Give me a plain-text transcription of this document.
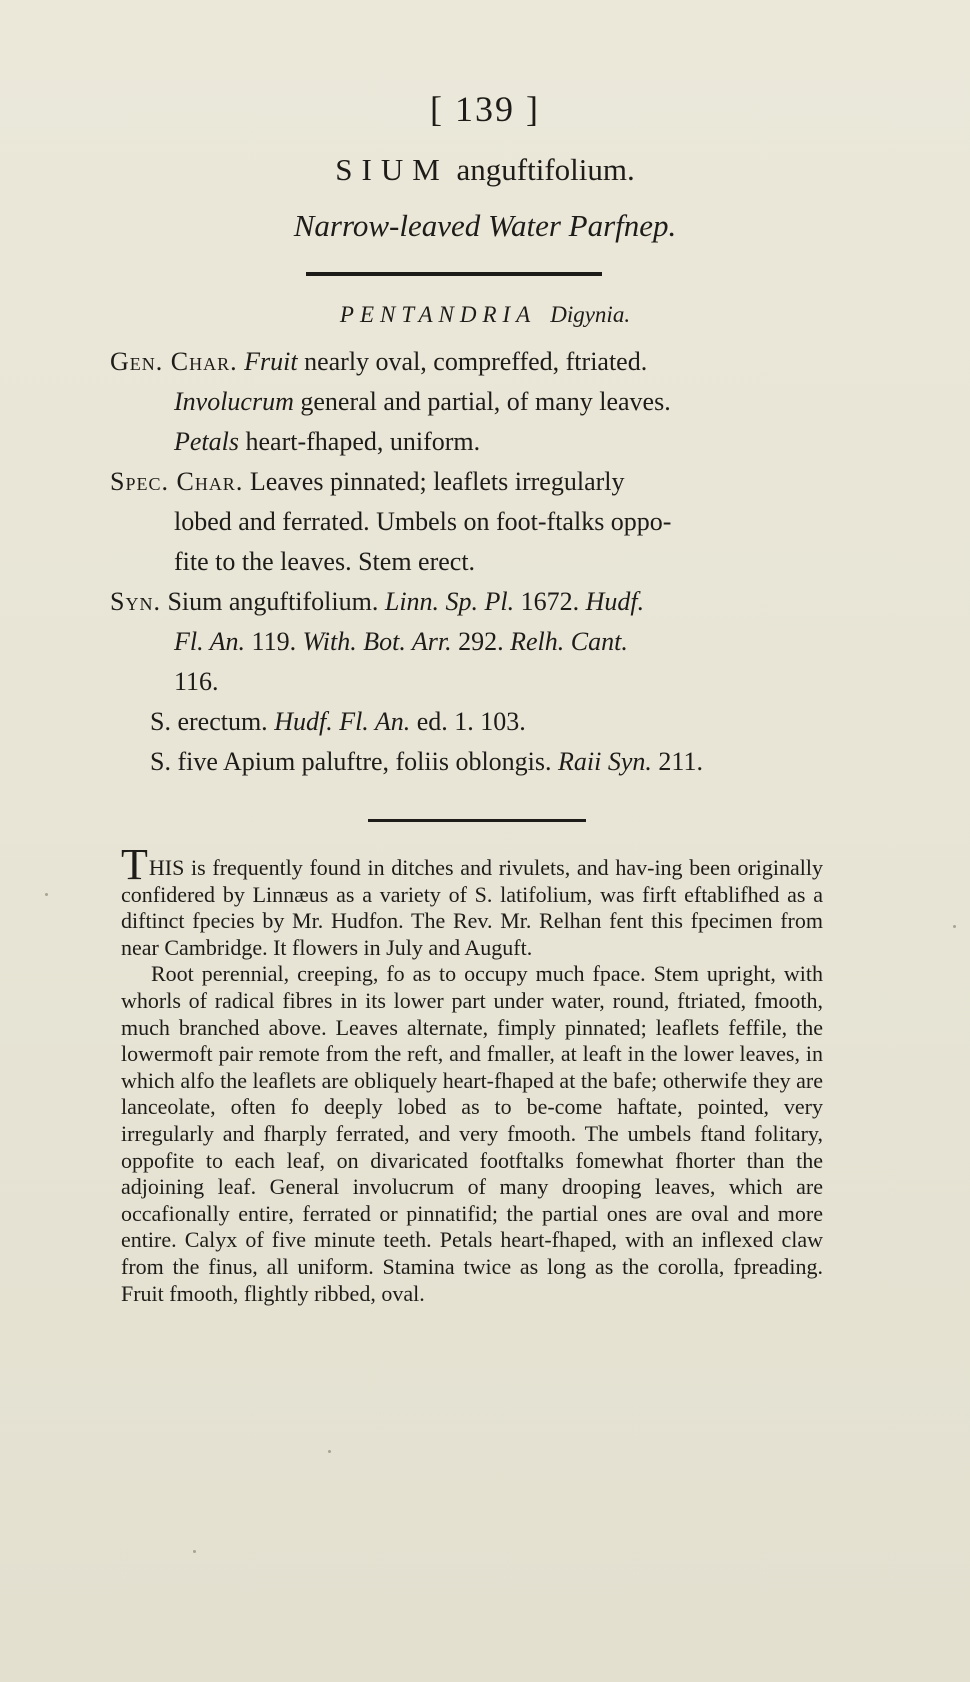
[ 139 ]
SIUM anguftifolium.
Narrow-leaved Water Parfnep.
PENTANDRIA Digynia.
Gen. Char. Fruit nearly oval, compreffed, ftriated.
Involucrum general and partial, of many leaves.
Petals heart-fhaped, uniform.
Spec. Char. Leaves pinnated; leaflets irregularly
lobed and ferrated. Umbels on foot-ftalks oppo-
fite to the leaves. Stem erect.
Syn. Sium anguftifolium. Linn. Sp. Pl. 1672. Hudf.
Fl. An. 119. With. Bot. Arr. 292. Relh. Cant.
116.
S. erectum. Hudf. Fl. An. ed. 1. 103.
S. five Apium paluftre, foliis oblongis. Raii Syn. 211.

THIS is frequently found in ditches and rivulets, and hav-ing been originally confidered by Linnæus as a variety of S. latifolium, was firft eftablifhed as a diftinct fpecies by Mr. Hudfon. The Rev. Mr. Relhan fent this fpecimen from near Cambridge. It flowers in July and Auguft.

Root perennial, creeping, fo as to occupy much fpace. Stem upright, with whorls of radical fibres in its lower part under water, round, ftriated, fmooth, much branched above. Leaves alternate, fimply pinnated; leaflets feffile, the lowermoft pair remote from the reft, and fmaller, at leaft in the lower leaves, in which alfo the leaflets are obliquely heart-fhaped at the bafe; otherwife they are lanceolate, often fo deeply lobed as to be-come haftate, pointed, very irregularly and fharply ferrated, and very fmooth. The umbels ftand folitary, oppofite to each leaf, on divaricated footftalks fomewhat fhorter than the adjoining leaf. General involucrum of many drooping leaves, which are occafionally entire, ferrated or pinnatifid; the partial ones are oval and more entire. Calyx of five minute teeth. Petals heart-fhaped, with an inflexed claw from the finus, all uniform. Stamina twice as long as the corolla, fpreading. Fruit fmooth, flightly ribbed, oval.
